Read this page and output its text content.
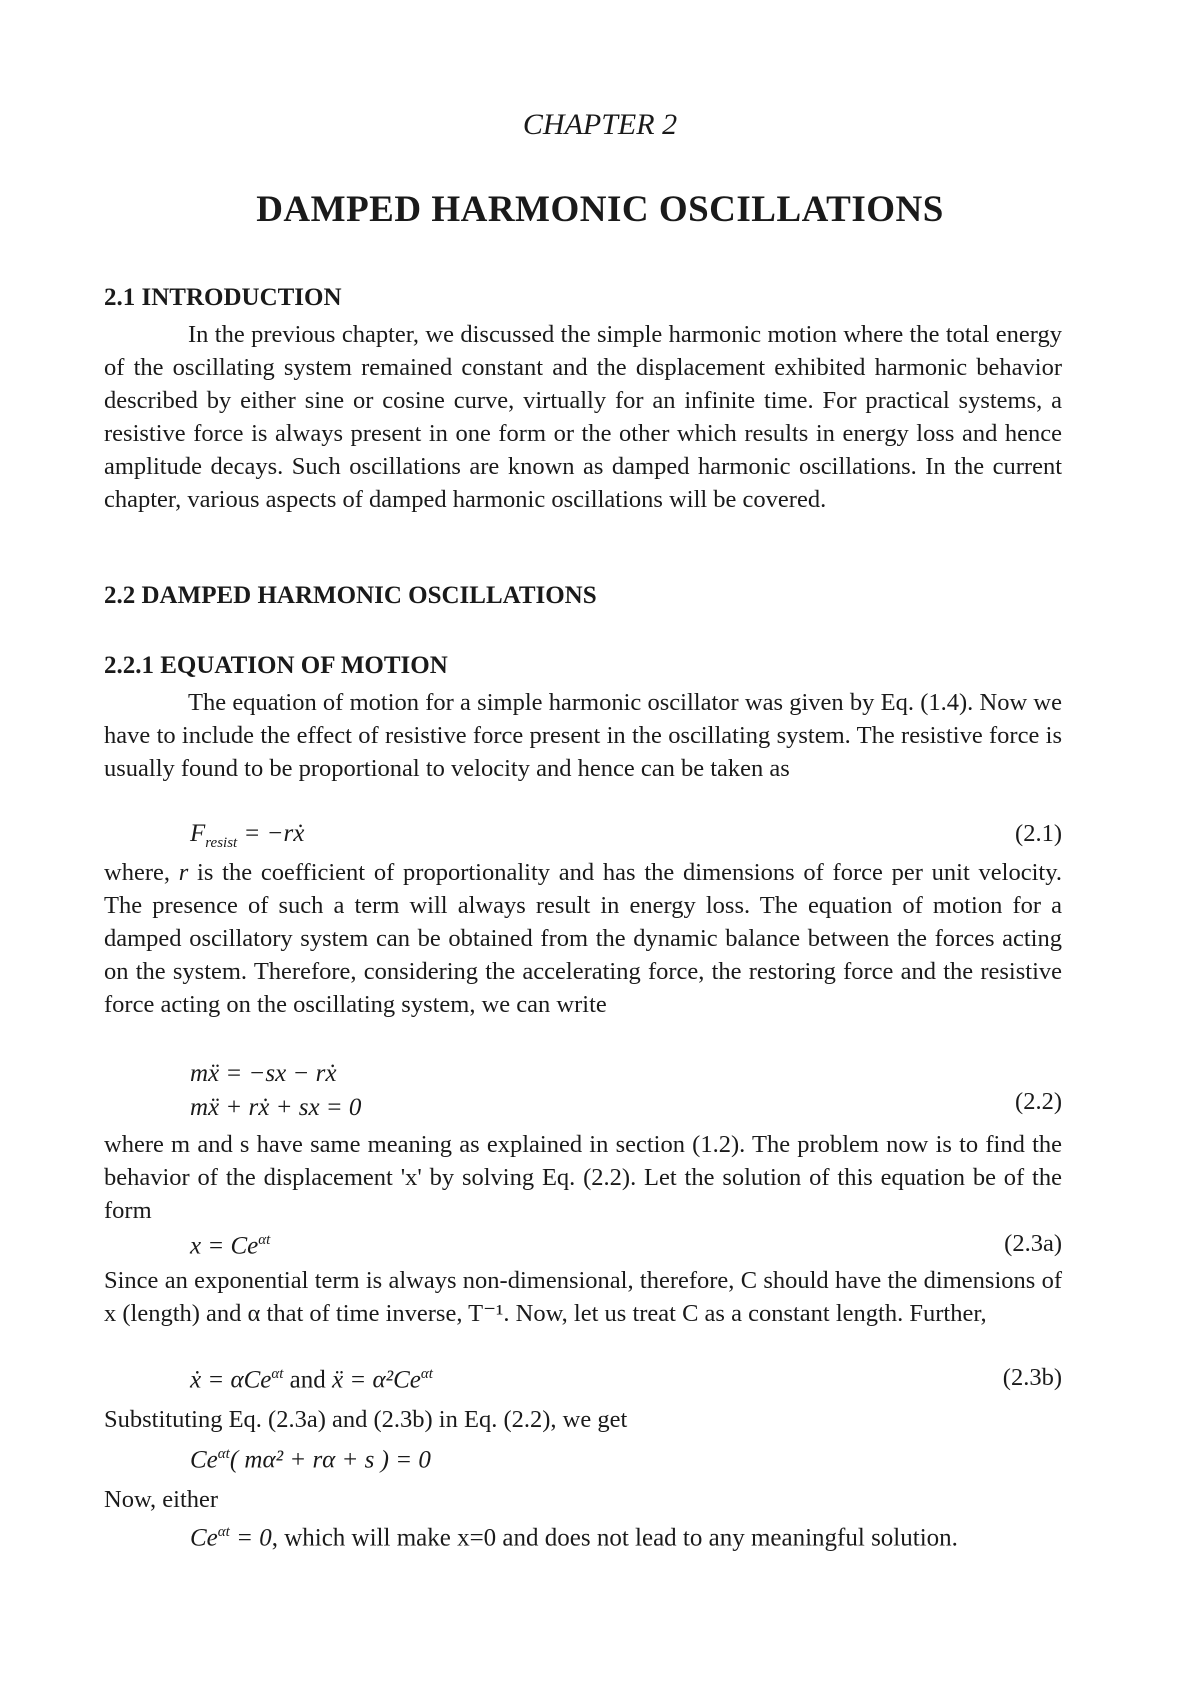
CHAPTER 2
DAMPED HARMONIC OSCILLATIONS
2.1 INTRODUCTION

In the previous chapter, we discussed the simple harmonic motion where the total energy of the oscillating system remained constant and the displacement exhibited harmonic behavior described by either sine or cosine curve, virtually for an infinite time. For practical systems, a resistive force is always present in one form or the other which results in energy loss and hence amplitude decays. Such oscillations are known as damped harmonic oscillations. In the current chapter, various aspects of damped harmonic oscillations will be covered.

2.2 DAMPED HARMONIC OSCILLATIONS
2.2.1 EQUATION OF MOTION

The equation of motion for a simple harmonic oscillator was given by Eq. (1.4). Now we have to include the effect of resistive force present in the oscillating system. The resistive force is usually found to be proportional to velocity and hence can be taken as

$F_{resist}$ = −rẋ	(2.1)

where, r is the coefficient of proportionality and has the dimensions of force per unit velocity. The presence of such a term will always result in energy loss. The equation of motion for a damped oscillatory system can be obtained from the dynamic balance between the forces acting on the system. Therefore, considering the accelerating force, the restoring force and the resistive force acting on the oscillating system, we can write

mẍ = −sx − rẋ
mẍ + rẋ + sx = 0	(2.2)

where m and s have same meaning as explained in section (1.2). The problem now is to find the behavior of the displacement 'x' by solving Eq. (2.2). Let the solution of this equation be of the form

$x = Ce^{\alpha t}$	(2.3a)

Since an exponential term is always non-dimensional, therefore, C should have the dimensions of x (length) and α that of time inverse, T⁻¹. Now, let us treat C as a constant length. Further,

ẋ = αCe$^{\alpha t}$ and ẍ = $\alpha^2Ce^{\alpha t}$	(2.3b)
Substituting Eq. (2.3a) and (2.3b) in Eq. (2.2), we get
$Ce^{\alpha t}$( mα² + rα + s ) = 0
Now, either
$Ce^{\alpha t} = 0$, which will make x=0 and does not lead to any meaningful solution.
